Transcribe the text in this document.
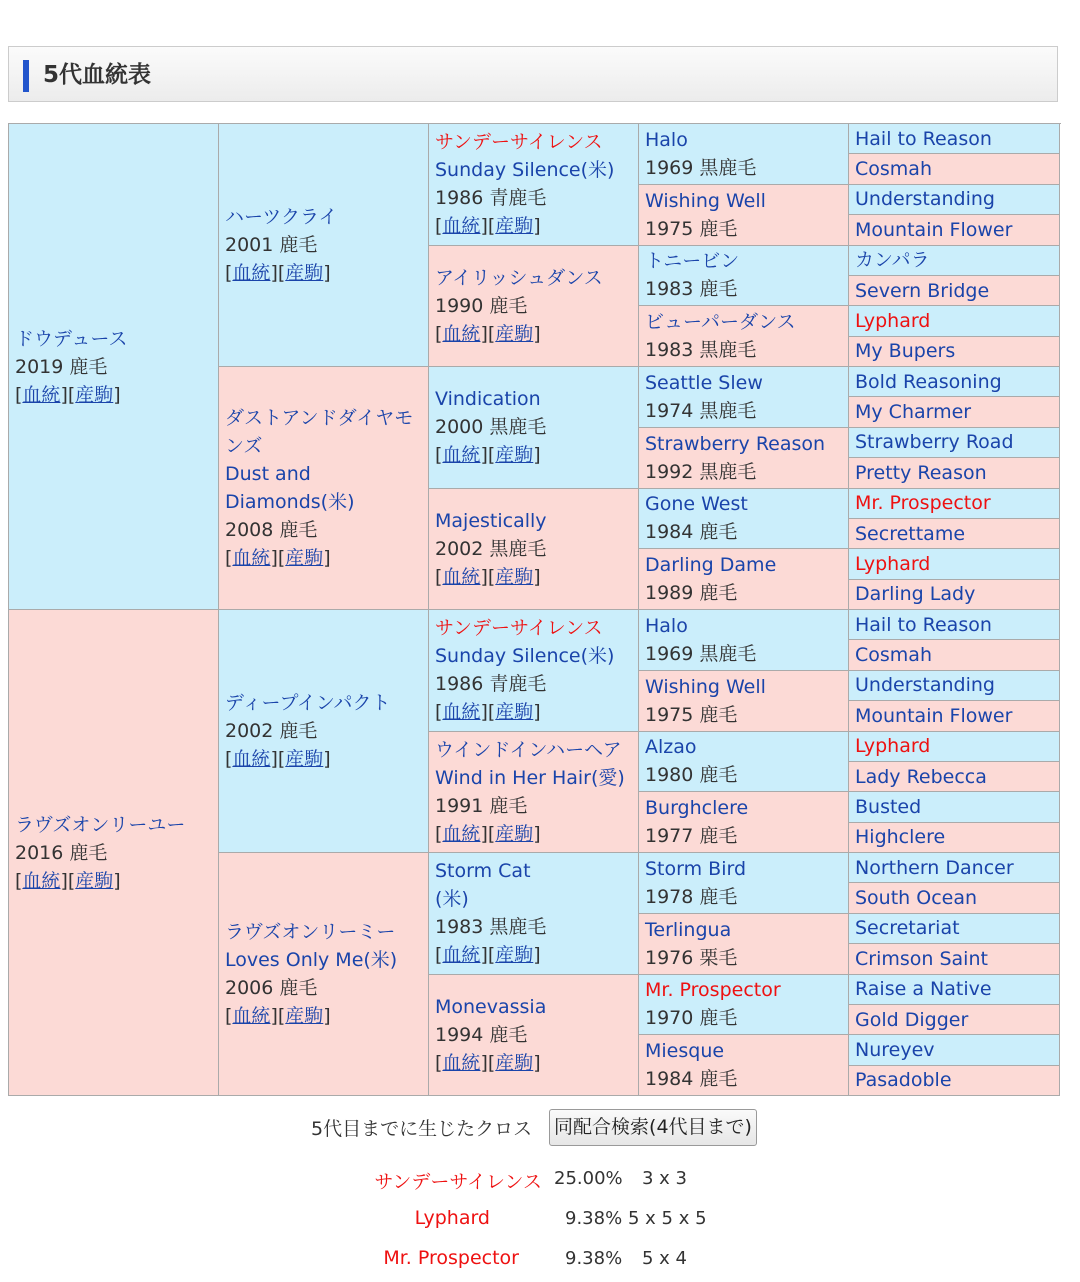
5代血統表
ドウデュース
2019 鹿毛
[血統][産駒]
ラヴズオンリーユー
2016 鹿毛
[血統][産駒]
ハーツクライ
2001 鹿毛
[血統][産駒]
ダストアンドダイヤモンズ
Dust and Diamonds(米)
2008 鹿毛
[血統][産駒]
ディープインパクト
2002 鹿毛
[血統][産駒]
ラヴズオンリーミー
Loves Only Me(米)
2006 鹿毛
[血統][産駒]
サンデーサイレンス
Sunday Silence(米)
1986 青鹿毛
[血統][産駒]
アイリッシュダンス
1990 鹿毛
[血統][産駒]
Vindication
2000 黒鹿毛
[血統][産駒]
Majestically
2002 黒鹿毛
[血統][産駒]
サンデーサイレンス
Sunday Silence(米)
1986 青鹿毛
[血統][産駒]
ウインドインハーヘア
Wind in Her Hair(愛)
1991 鹿毛
[血統][産駒]
Storm Cat
(米)
1983 黒鹿毛
[血統][産駒]
Monevassia
1994 鹿毛
[血統][産駒]
Halo
1969 黒鹿毛
Wishing Well
1975 鹿毛
トニービン
1983 鹿毛
ビューパーダンス
1983 黒鹿毛
Seattle Slew
1974 黒鹿毛
Strawberry Reason
1992 黒鹿毛
Gone West
1984 鹿毛
Darling Dame
1989 鹿毛
Halo
1969 黒鹿毛
Wishing Well
1975 鹿毛
Alzao
1980 鹿毛
Burghclere
1977 鹿毛
Storm Bird
1978 鹿毛
Terlingua
1976 栗毛
Mr. Prospector
1970 鹿毛
Miesque
1984 鹿毛
Hail to Reason
Cosmah
Understanding
Mountain Flower
カンパラ
Severn Bridge
Lyphard
My Bupers
Bold Reasoning
My Charmer
Strawberry Road
Pretty Reason
Mr. Prospector
Secrettame
Lyphard
Darling Lady
Hail to Reason
Cosmah
Understanding
Mountain Flower
Lyphard
Lady Rebecca
Busted
Highclere
Northern Dancer
South Ocean
Secretariat
Crimson Saint
Raise a Native
Gold Digger
Nureyev
Pasadoble
5代目までに生じたクロス 同配合検索(4代目まで)
サンデーサイレンス 25.00% 3 x 3
Lyphard	9.38% 5 x 5 x 5
Mr. Prospector	9.38% 5 x 4
